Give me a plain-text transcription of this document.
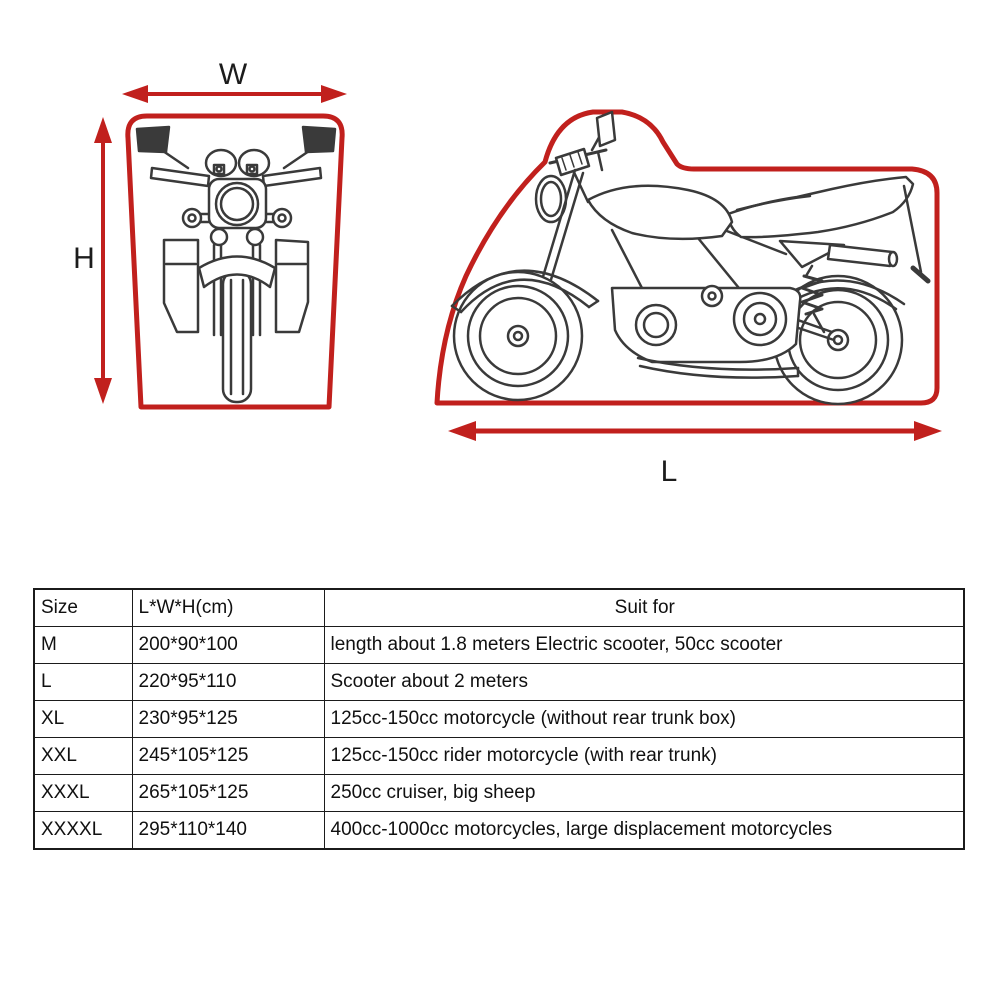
W
H
L
Size	L*W*H(cm)	Suit for
M	200*90*100	length about 1.8 meters Electric scooter, 50cc scooter
L	220*95*110	Scooter about 2 meters
XL	230*95*125	125cc-150cc motorcycle (without rear trunk box)
XXL	245*105*125	125cc-150cc rider motorcycle (with rear trunk)
XXXL	265*105*125	250cc cruiser, big sheep
XXXXL	295*110*140	400cc-1000cc motorcycles, large displacement motorcycles
